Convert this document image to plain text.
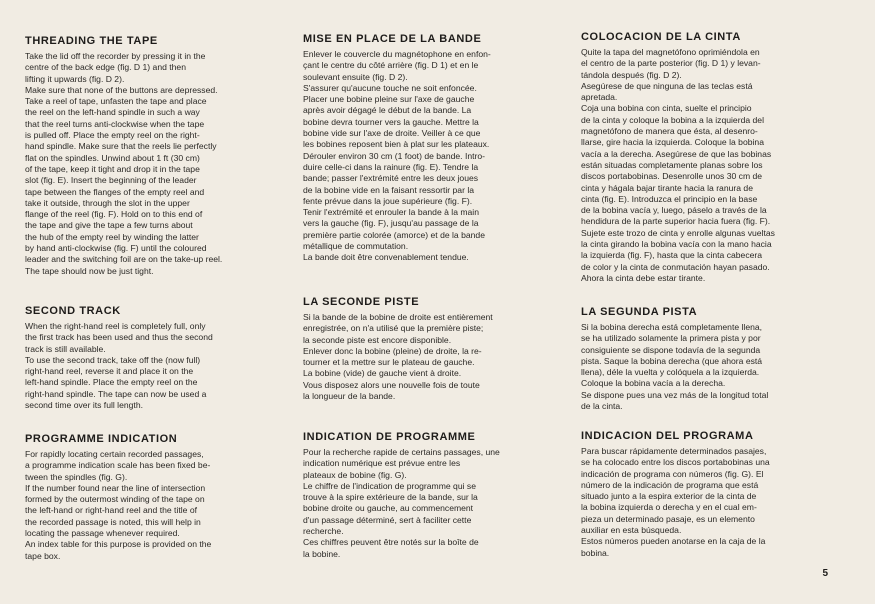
THREADING THE TAPE
Take the lid off the recorder by pressing it in the
centre of the back edge (fig. D 1) and then
lifting it upwards (fig. D 2).
Make sure that none of the buttons are depressed.
Take a reel of tape, unfasten the tape and place
the reel on the left-hand spindle in such a way
that the reel turns anti-clockwise when the tape
is pulled off. Place the empty reel on the right-
hand spindle. Make sure that the reels lie perfectly
flat on the spindles. Unwind about 1 ft (30 cm)
of the tape, keep it tight and drop it in the tape
slot (fig. E). Insert the beginning of the leader
tape between the flanges of the empty reel and
take it outside, through the slot in the upper
flange of the reel (fig. F). Hold on to this end of
the tape and give the tape a few turns about
the hub of the empty reel by winding the latter
by hand anti-clockwise (fig. F) until the coloured
leader and the switching foil are on the take-up reel.
The tape should now be just tight.
SECOND TRACK
When the right-hand reel is completely full, only
the first track has been used and thus the second
track is still available.
To use the second track, take off the (now full)
right-hand reel, reverse it and place it on the
left-hand spindle. Place the empty reel on the
right-hand spindle. The tape can now be used a
second time over its full length.
PROGRAMME INDICATION
For rapidly locating certain recorded passages,
a programme indication scale has been fixed be-
tween the spindles (fig. G).
If the number found near the line of intersection
formed by the outermost winding of the tape on
the left-hand or right-hand reel and the title of
the recorded passage is noted, this will help in
locating the passage whenever required.
An index table for this purpose is provided on the
tape box.
MISE EN PLACE DE LA BANDE
Enlever le couvercle du magnétophone en enfon-
çant le centre du côté arrière (fig. D 1) et en le
soulevant ensuite (fig. D 2).
S'assurer qu'aucune touche ne soit enfoncée.
Placer une bobine pleine sur l'axe de gauche
après avoir dégagé le début de la bande. La
bobine devra tourner vers la gauche. Mettre la
bobine vide sur l'axe de droite. Veiller à ce que
les bobines reposent bien à plat sur les plateaux.
Dérouler environ 30 cm (1 foot) de bande. Intro-
duire celle-ci dans la rainure (fig. E). Tendre la
bande; passer l'extrémité entre les deux joues
de la bobine vide en la faisant ressortir par la
fente prévue dans la joue supérieure (fig. F).
Tenir l'extrémité et enrouler la bande à la main
vers la gauche (fig. F), jusqu'au passage de la
première partie colorée (amorce) et de la bande
métallique de commutation.
La bande doit être convenablement tendue.
LA SECONDE PISTE
Si la bande de la bobine de droite est entièrement
enregistrée, on n'a utilisé que la première piste;
la seconde piste est encore disponible.
Enlever donc la bobine (pleine) de droite, la re-
tourner et la mettre sur le plateau de gauche.
La bobine (vide) de gauche vient à droite.
Vous disposez alors une nouvelle fois de toute
la longueur de la bande.
INDICATION DE PROGRAMME
Pour la recherche rapide de certains passages, une
indication numérique est prévue entre les
plateaux de bobine (fig. G).
Le chiffre de l'indication de programme qui se
trouve à la spire extérieure de la bande, sur la
bobine droite ou gauche, au commencement
d'un passage déterminé, sert à faciliter cette
recherche.
Ces chiffres peuvent être notés sur la boîte de
la bobine.
COLOCACION DE LA CINTA
Quite la tapa del magnetófono oprimiéndola en
el centro de la parte posterior (fig. D 1) y levan-
tándola después (fig. D 2).
Asegúrese de que ninguna de las teclas está
apretada.
Coja una bobina con cinta, suelte el principio
de la cinta y coloque la bobina a la izquierda del
magnetófono de manera que ésta, al desenro-
llarse, gire hacia la izquierda. Coloque la bobina
vacía a la derecha. Asegúrese de que las bobinas
están situadas completamente planas sobre los
discos portabobinas. Desenrolle unos 30 cm de
cinta y hágala bajar tirante hacia la ranura de
cinta (fig. E). Introduzca el principio en la base
de la bobina vacía y, luego, páselo a través de la
hendidura de la parte superior hacia fuera (fig. F).
Sujete este trozo de cinta y enrolle algunas vueltas
la cinta girando la bobina vacía con la mano hacia
la izquierda (fig. F), hasta que la cinta cabecera
de color y la cinta de conmutación hayan pasado.
Ahora la cinta debe estar tirante.
LA SEGUNDA PISTA
Si la bobina derecha está completamente llena,
se ha utilizado solamente la primera pista y por
consiguiente se dispone todavía de la segunda
pista. Saque la bobina derecha (que ahora está
llena), déle la vuelta y colóquela a la izquierda.
Coloque la bobina vacía a la derecha.
Se dispone pues una vez más de la longitud total
de la cinta.
INDICACION DEL PROGRAMA
Para buscar rápidamente determinados pasajes,
se ha colocado entre los discos portabobinas una
indicación de programa con números (fig. G). El
número de la indicación de programa que está
situado junto a la espira exterior de la cinta de
la bobina izquierda o derecha y en el cual em-
pieza un determinado pasaje, es un elemento
auxiliar en esta búsqueda.
Estos números pueden anotarse en la caja de la
bobina.
5
